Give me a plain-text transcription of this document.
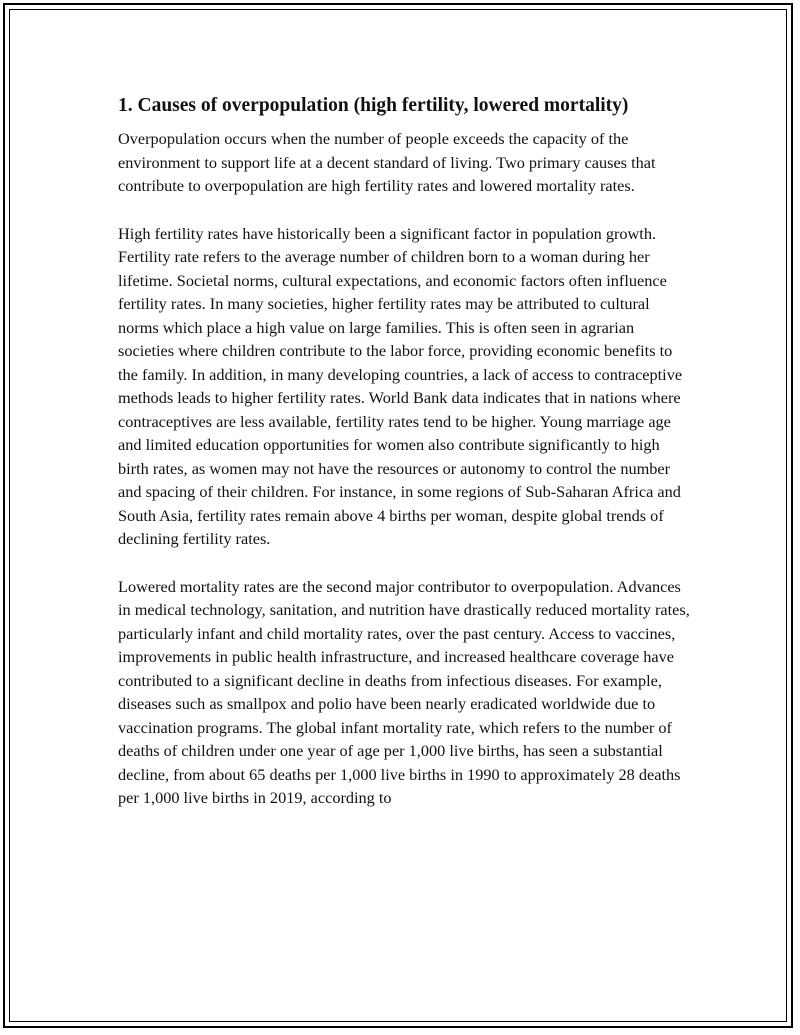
1. Causes of overpopulation (high fertility, lowered mortality)

Overpopulation occurs when the number of people exceeds the capacity of the environment to support life at a decent standard of living. Two primary causes that contribute to overpopulation are high fertility rates and lowered mortality rates.

High fertility rates have historically been a significant factor in population growth. Fertility rate refers to the average number of children born to a woman during her lifetime. Societal norms, cultural expectations, and economic factors often influence fertility rates. In many societies, higher fertility rates may be attributed to cultural norms which place a high value on large families. This is often seen in agrarian societies where children contribute to the labor force, providing economic benefits to the family. In addition, in many developing countries, a lack of access to contraceptive methods leads to higher fertility rates. World Bank data indicates that in nations where contraceptives are less available, fertility rates tend to be higher. Young marriage age and limited education opportunities for women also contribute significantly to high birth rates, as women may not have the resources or autonomy to control the number and spacing of their children. For instance, in some regions of Sub-Saharan Africa and South Asia, fertility rates remain above 4 births per woman, despite global trends of declining fertility rates.

Lowered mortality rates are the second major contributor to overpopulation. Advances in medical technology, sanitation, and nutrition have drastically reduced mortality rates, particularly infant and child mortality rates, over the past century. Access to vaccines, improvements in public health infrastructure, and increased healthcare coverage have contributed to a significant decline in deaths from infectious diseases. For example, diseases such as smallpox and polio have been nearly eradicated worldwide due to vaccination programs. The global infant mortality rate, which refers to the number of deaths of children under one year of age per 1,000 live births, has seen a substantial decline, from about 65 deaths per 1,000 live births in 1990 to approximately 28 deaths per 1,000 live births in 2019, according to
